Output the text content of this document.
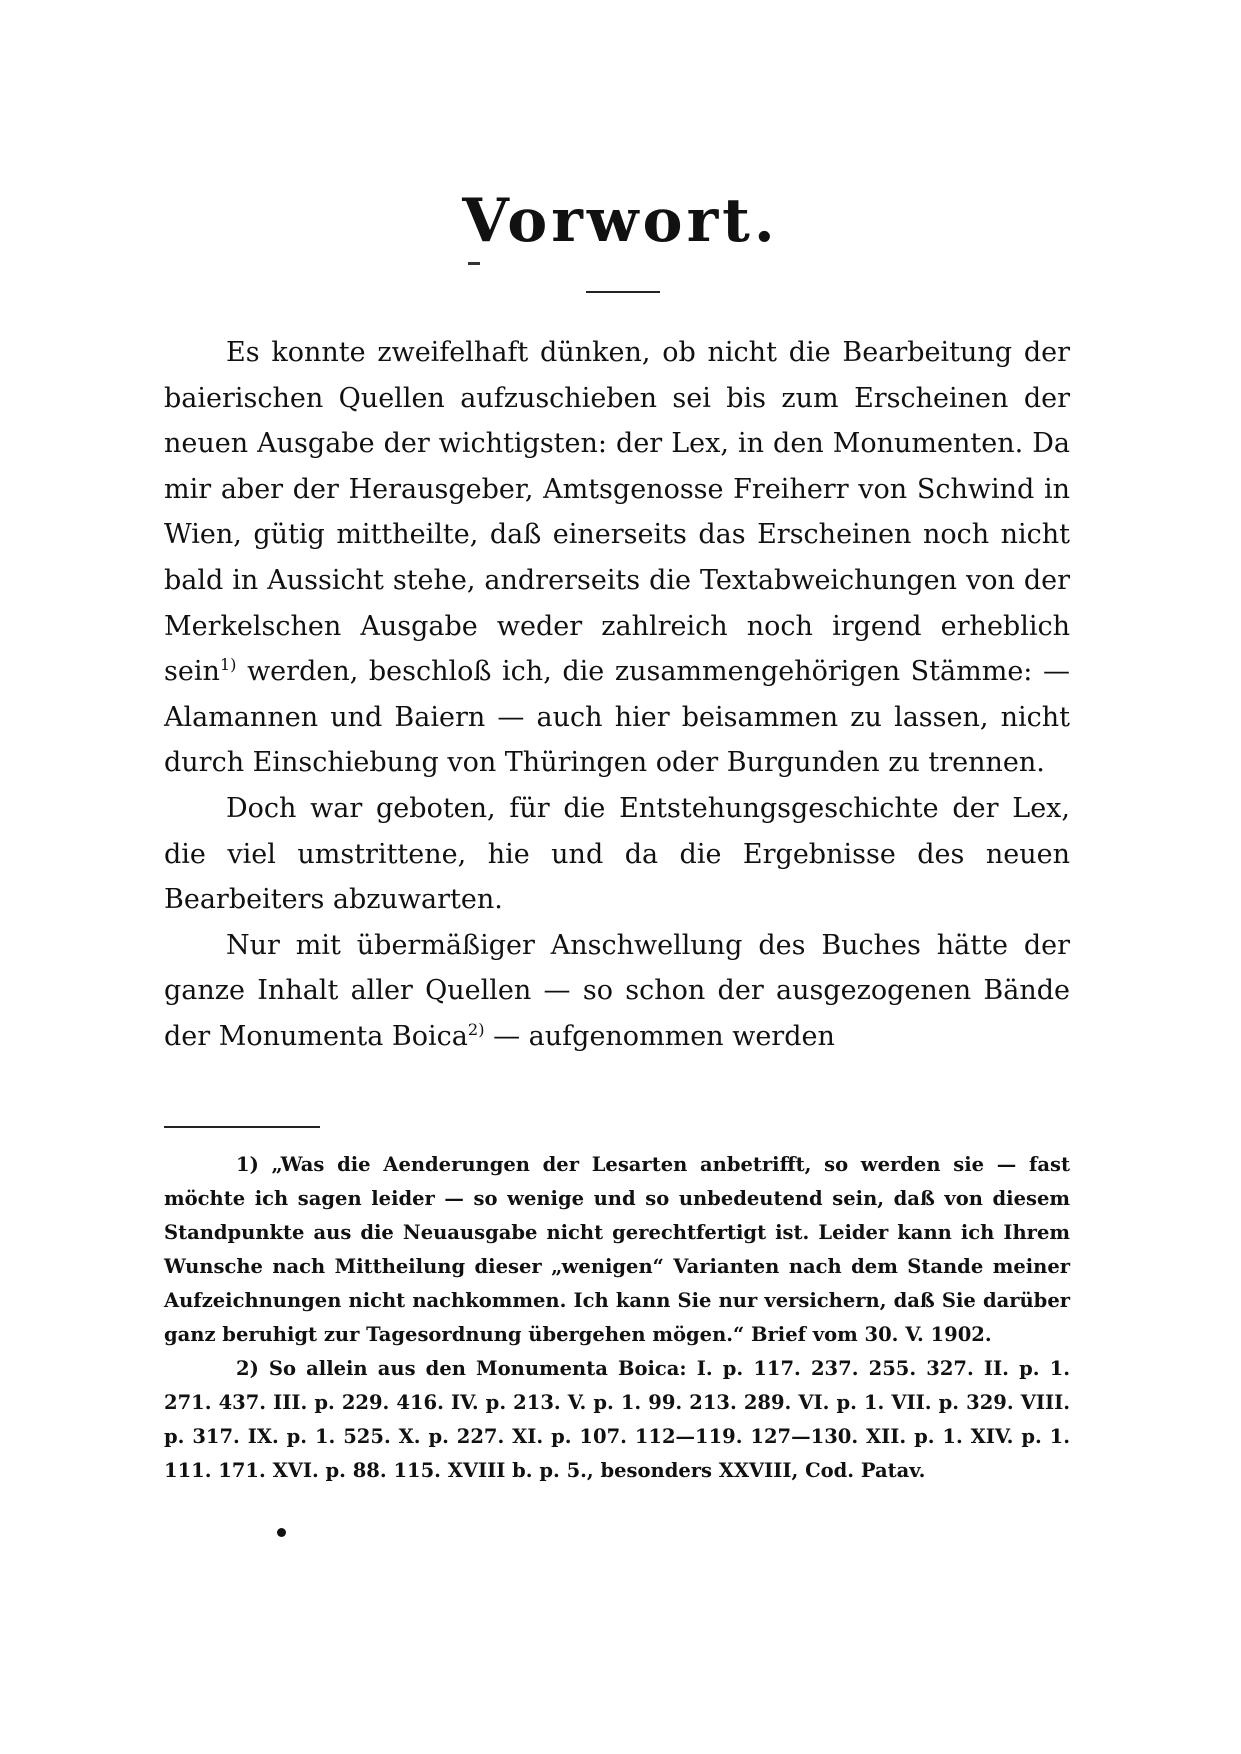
Vorwort.

Es konnte zweifelhaft dünken, ob nicht die Bearbeitung der baierischen Quellen aufzuschieben sei bis zum Erscheinen der neuen Ausgabe der wichtigsten: der Lex, in den Monumenten. Da mir aber der Herausgeber, Amtsgenosse Freiherr von Schwind in Wien, gütig mittheilte, daß einerseits das Erscheinen noch nicht bald in Aussicht stehe, andrerseits die Textabweichungen von der Merkelschen Ausgabe weder zahlreich noch irgend erheblich sein$^{1)}$ werden, beschloß ich, die zusammengehörigen Stämme: — Alamannen und Baiern — auch hier beisammen zu lassen, nicht durch Einschiebung von Thüringen oder Burgunden zu trennen.

Doch war geboten, für die Entstehungsgeschichte der Lex, die viel umstrittene, hie und da die Ergebnisse des neuen Bearbeiters abzuwarten.

Nur mit übermäßiger Anschwellung des Buches hätte der ganze Inhalt aller Quellen — so schon der ausgezogenen Bände der Monumenta Boica$^{2)}$ — aufgenommen werden

1) „Was die Aenderungen der Lesarten anbetrifft, so werden sie — fast möchte ich sagen leider — so wenige und so unbedeutend sein, daß von diesem Standpunkte aus die Neuausgabe nicht gerechtfertigt ist. Leider kann ich Ihrem Wunsche nach Mittheilung dieser „wenigen“ Varianten nach dem Stande meiner Aufzeichnungen nicht nachkommen. Ich kann Sie nur versichern, daß Sie darüber ganz beruhigt zur Tagesordnung übergehen mögen.“ Brief vom 30. V. 1902.

2) So allein aus den Monumenta Boica: I. p. 117. 237. 255. 327. II. p. 1. 271. 437. III. p. 229. 416. IV. p. 213. V. p. 1. 99. 213. 289. VI. p. 1. VII. p. 329. VIII. p. 317. IX. p. 1. 525. X. p. 227. XI. p. 107. 112—119. 127—130. XII. p. 1. XIV. p. 1. 111. 171. XVI. p. 88. 115. XVIII b. p. 5., besonders XXVIII, Cod. Patav.
